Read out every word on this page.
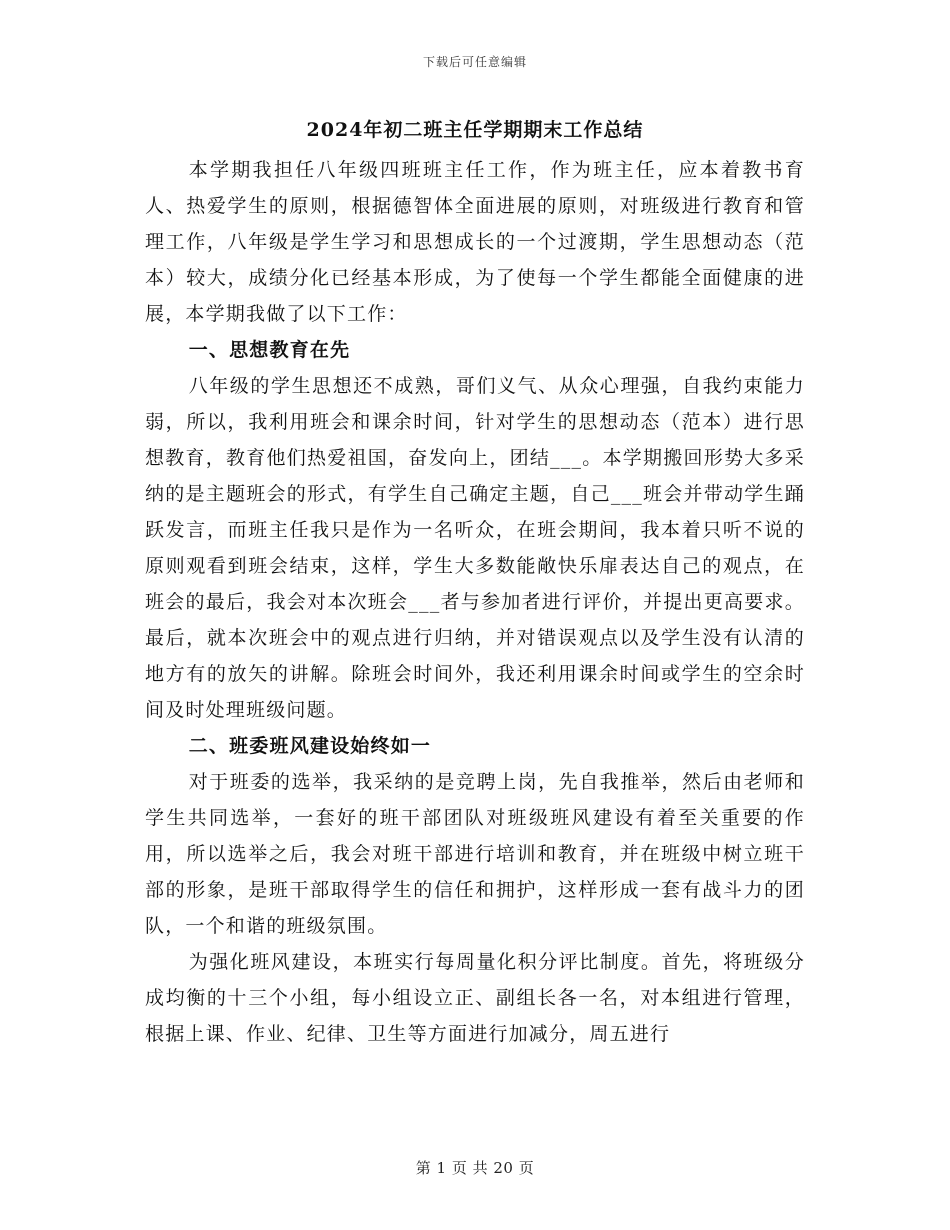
下载后可任意编辑
2024年初二班主任学期期末工作总结

本学期我担任八年级四班班主任工作，作为班主任，应本着教书育人、热爱学生的原则，根据德智体全面进展的原则，对班级进行教育和管理工作，八年级是学生学习和思想成长的一个过渡期，学生思想动态（范本）较大，成绩分化已经基本形成，为了使每一个学生都能全面健康的进展，本学期我做了以下工作：

一、思想教育在先

八年级的学生思想还不成熟，哥们义气、从众心理强，自我约束能力弱，所以，我利用班会和课余时间，针对学生的思想动态（范本）进行思想教育，教育他们热爱祖国，奋发向上，团结___。本学期搬回形势大多采纳的是主题班会的形式，有学生自己确定主题，自己___班会并带动学生踊跃发言，而班主任我只是作为一名听众，在班会期间，我本着只听不说的原则观看到班会结束，这样，学生大多数能敞快乐扉表达自己的观点，在班会的最后，我会对本次班会___者与参加者进行评价，并提出更高要求。最后，就本次班会中的观点进行归纳，并对错误观点以及学生没有认清的地方有的放矢的讲解。除班会时间外，我还利用课余时间或学生的空余时间及时处理班级问题。

二、班委班风建设始终如一

对于班委的选举，我采纳的是竞聘上岗，先自我推举，然后由老师和学生共同选举，一套好的班干部团队对班级班风建设有着至关重要的作用，所以选举之后，我会对班干部进行培训和教育，并在班级中树立班干部的形象，是班干部取得学生的信任和拥护，这样形成一套有战斗力的团队，一个和谐的班级氛围。

为强化班风建设，本班实行每周量化积分评比制度。首先，将班级分成均衡的十三个小组，每小组设立正、副组长各一名，对本组进行管理，根据上课、作业、纪律、卫生等方面进行加减分，周五进行

第 1 页 共 20 页
